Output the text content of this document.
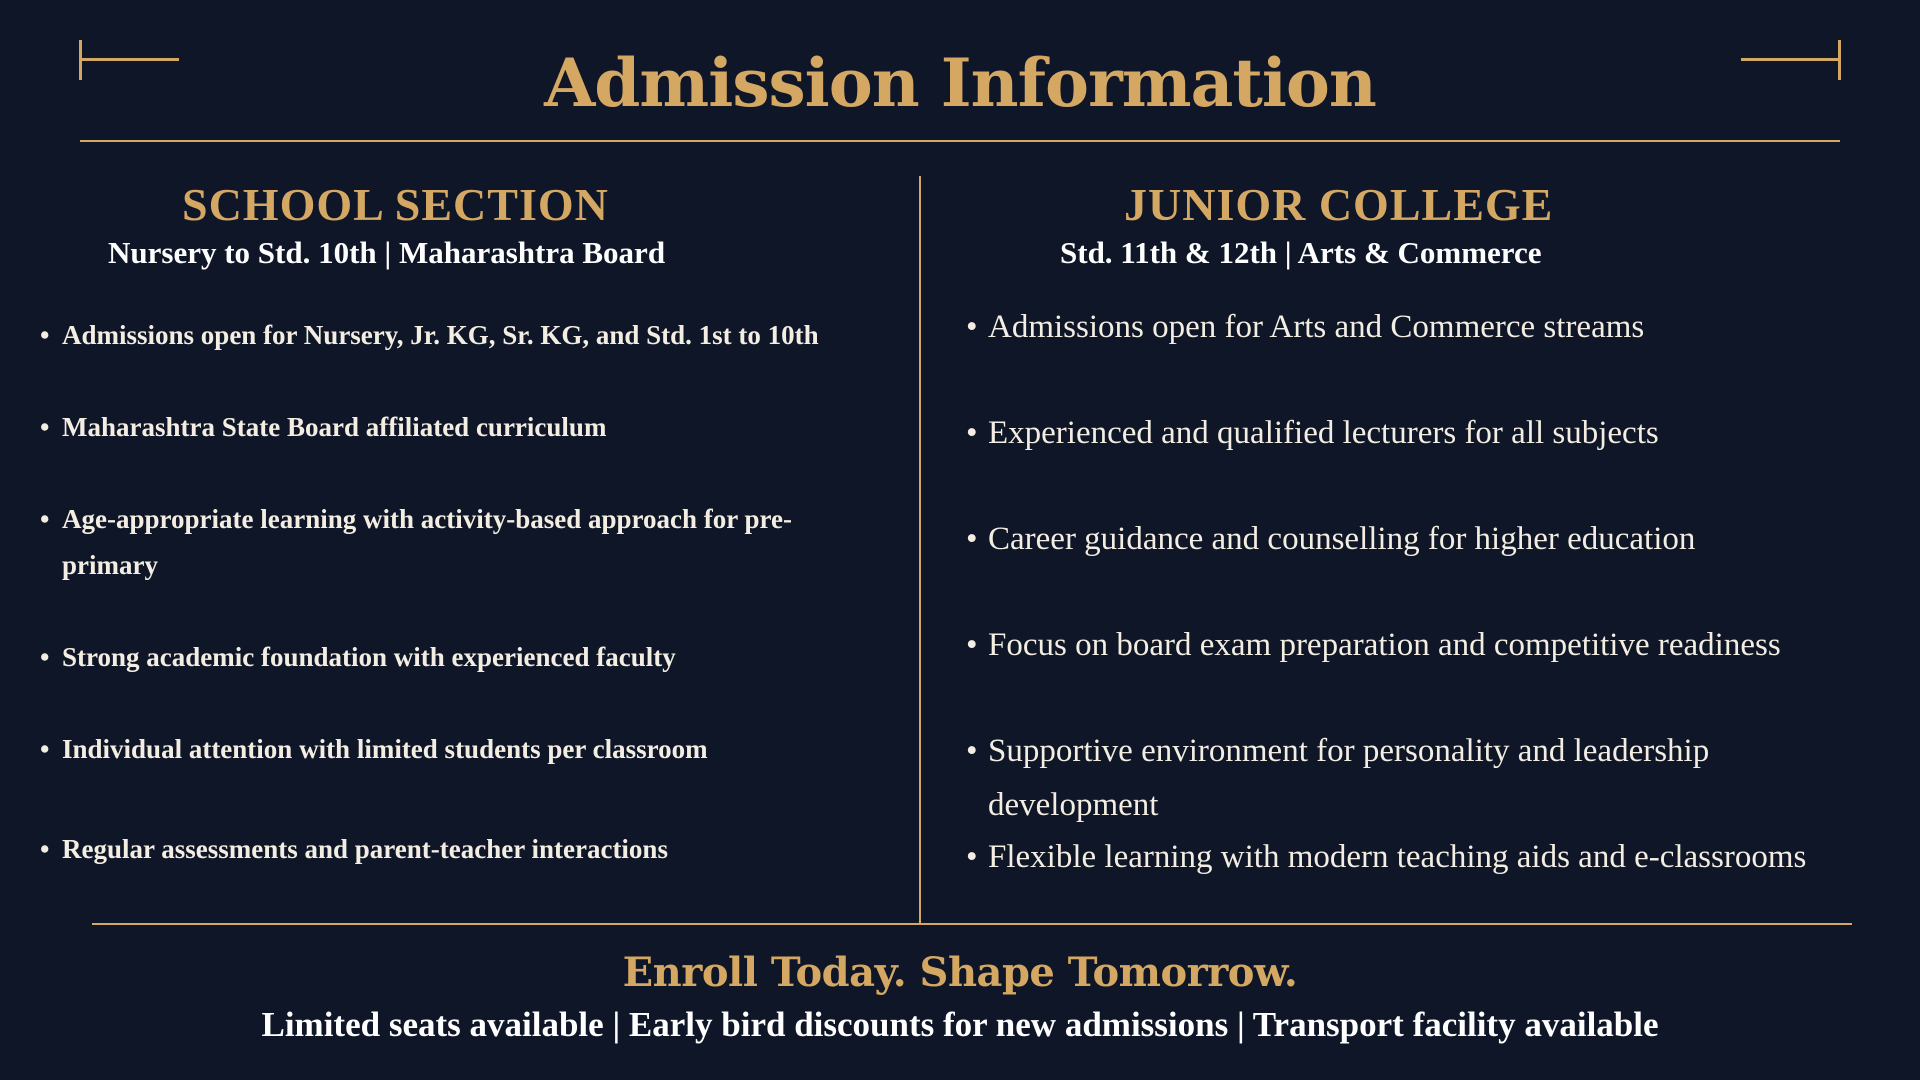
Admission Information
SCHOOL SECTION
Nursery to Std. 10th | Maharashtra Board
• Admissions open for Nursery, Jr. KG, Sr. KG, and Std. 1st to 10th
• Maharashtra State Board affiliated curriculum
• Age-appropriate learning with activity-based approach for pre-primary
• Strong academic foundation with experienced faculty
• Individual attention with limited students per classroom
• Regular assessments and parent-teacher interactions
JUNIOR COLLEGE
Std. 11th & 12th | Arts & Commerce
• Admissions open for Arts and Commerce streams
• Experienced and qualified lecturers for all subjects
• Career guidance and counselling for higher education
• Focus on board exam preparation and competitive readiness
• Supportive environment for personality and leadership development
• Flexible learning with modern teaching aids and e-classrooms
Enroll Today. Shape Tomorrow.
Limited seats available | Early bird discounts for new admissions | Transport facility available
